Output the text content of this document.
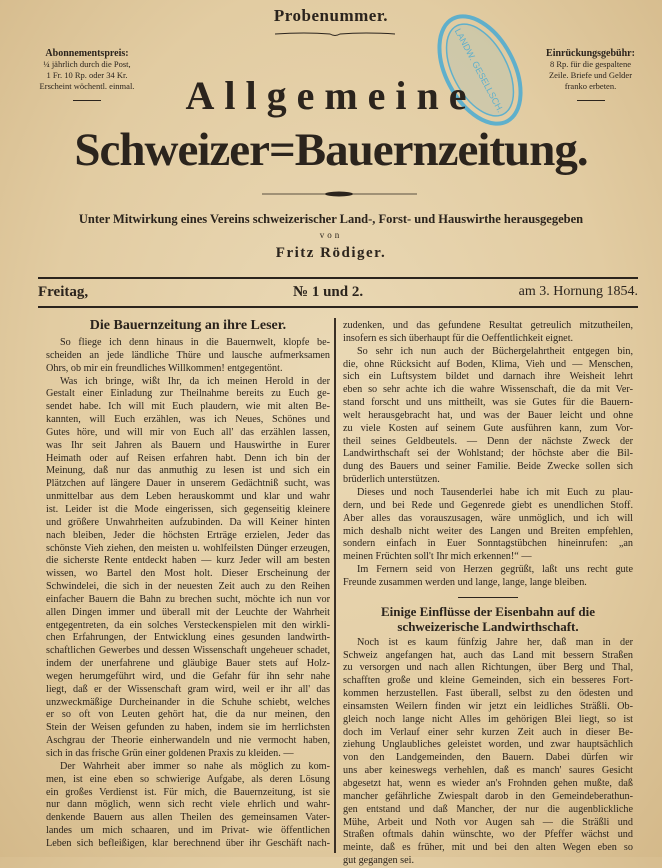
Probenummer.
Abonnementspreis:
¼ jährlich durch die Post,
1 Fr. 10 Rp. oder 34 Kr.
Erscheint wöchentl. einmal.
Einrückungsgebühr:
8 Rp. für die gespaltene
Zeile. Briefe und Gelder
franko erbeten.
LANDW. GESELLSCH.
Allgemeine
Schweizer=Bauernzeitung.
Unter Mitwirkung eines Vereins schweizerischer Land-, Forst- und Hauswirthe herausgegeben
von
Fritz Rödiger.
Freitag,	№ 1 und 2.	am 3. Hornung 1854.
Die Bauernzeitung an ihre Leser.
So fliege ich denn hinaus in die Bauernwelt, klopfe be-
scheiden an jede ländliche Thüre und lausche aufmerksamen
Ohrs, ob mir ein freundliches Willkommen! entgegentönt.
Was ich bringe, wißt Ihr, da ich meinen Herold in der
Gestalt einer Einladung zur Theilnahme bereits zu Euch ge-
sendet habe. Ich will mit Euch plaudern, wie mit alten Be-
kannten, will Euch erzählen, was ich Neues, Schönes und
Gutes höre, und will mir von Euch all' das erzählen lassen,
was Ihr seit Jahren als Bauern und Hauswirthe in Eurer
Heimath oder auf Reisen erfahren habt. Denn ich bin der
Meinung, daß nur das anmuthig zu lesen ist und sich ein
Plätzchen auf längere Dauer in unserem Gedächtniß sucht, was
unmittelbar aus dem Leben herauskommt und klar und wahr
ist. Leider ist die Mode eingerissen, sich gegenseitig kleinere
und größere Unwahrheiten aufzubinden. Da will Keiner hinten
nach bleiben, Jeder die höchsten Erträge erzielen, Jeder das
schönste Vieh ziehen, den meisten u. wohlfeilsten Dünger erzeugen,
die sicherste Rente entdeckt haben — kurz Jeder will am besten
wissen, wo Bartel den Most holt. Dieser Erscheinung der
Schwindelei, die sich in der neuesten Zeit auch zu den Reihen
einfacher Bauern die Bahn zu brechen sucht, möchte ich nun vor
allen Dingen immer und überall mit der Leuchte der Wahrheit
entgegentreten, da ein solches Versteckenspielen mit den wirkli-
chen Erfahrungen, der Entwicklung eines gesunden landwirth-
schaftlichen Gewerbes und dessen Wissenschaft ungeheuer schadet,
indem der unerfahrene und gläubige Bauer stets auf Holz-
wegen herumgeführt wird, und die Gefahr für ihn sehr nahe
liegt, daß er der Wissenschaft gram wird, weil er ihr all' das
unzweckmäßige Durcheinander in die Schuhe schiebt, welches
er so oft von Leuten gehört hat, die da nur meinen, den
Stein der Weisen gefunden zu haben, indem sie im herrlichsten
Aschgrau der Theorie einherwandeln und nie vermocht haben,
sich in das frische Grün einer goldenen Praxis zu kleiden. —
Der Wahrheit aber immer so nahe als möglich zu kom-
men, ist eine eben so schwierige Aufgabe, als deren Lösung
ein großes Verdienst ist. Für mich, die Bauernzeitung, ist sie
nur dann möglich, wenn sich recht viele ehrlich und wahr-
denkende Bauern aus allen Theilen des gemeinsamen Vater-
landes um mich schaaren, und im Privat- wie öffentlichen
Leben sich befleißigen, klar berechnend über ihr Geschäft nach-
zudenken, und das gefundene Resultat getreulich mitzutheilen,
insofern es sich überhaupt für die Oeffentlichkeit eignet.
So sehr ich nun auch der Büchergelahrtheit entgegen bin,
die, ohne Rücksicht auf Boden, Klima, Vieh und — Menschen,
sich ein Luftsystem bildet und darnach ihre Weisheit lehrt
eben so sehr achte ich die wahre Wissenschaft, die da mit Ver-
stand forscht und uns mittheilt, was sie Gutes für die Bauern-
welt herausgebracht hat, und was der Bauer leicht und ohne
zu viele Kosten auf seinem Gute ausführen kann, zum Vor-
theil seines Geldbeutels. — Denn der nächste Zweck der
Landwirthschaft sei der Wohlstand; der höchste aber die Bil-
dung des Bauers und seiner Familie. Beide Zwecke sollen sich
brüderlich unterstützen.
Dieses und noch Tausenderlei habe ich mit Euch zu plau-
dern, und bei Rede und Gegenrede giebt es unendlichen Stoff.
Aber alles das vorauszusagen, wäre unmöglich, und ich will
mich deshalb nicht weiter des Langen und Breiten empfehlen,
sondern einfach in Euer Sonntagstübchen hineinrufen: „an
meinen Früchten soll't Ihr mich erkennen!“ —
Im Fernern seid von Herzen gegrüßt, laßt uns recht gute
Freunde zusammen werden und lange, lange, lange bleiben.
Einige Einflüsse der Eisenbahn auf die schweizerische Landwirthschaft.
Noch ist es kaum fünfzig Jahre her, daß man in der
Schweiz angefangen hat, auch das Land mit bessern Straßen
zu versorgen und nach allen Richtungen, über Berg und Thal,
schafften große und kleine Gemeinden, sich ein besseres Fort-
kommen herzustellen. Fast überall, selbst zu den ödesten und
einsamsten Weilern finden wir jetzt ein leidliches Sträßli. Ob-
gleich noch lange nicht Alles im gehörigen Blei liegt, so ist
doch im Verlauf einer sehr kurzen Zeit auch in dieser Be-
ziehung Unglaubliches geleistet worden, und zwar hauptsächlich
von den Landgemeinden, den Bauern. Dabei dürfen wir
uns aber keineswegs verhehlen, daß es manch' saures Gesicht
abgesetzt hat, wenn es wieder an's Frohnden gehen mußte, daß
mancher gefährliche Zwiespalt darob in den Gemeindeberathun-
gen entstand und daß Mancher, der nur die augenblickliche
Mühe, Arbeit und Noth vor Augen sah — die Sträßli und
Straßen oftmals dahin wünschte, wo der Pfeffer wächst und
meinte, daß es früher, mit und bei den alten Wegen eben so
gut gegangen sei.
